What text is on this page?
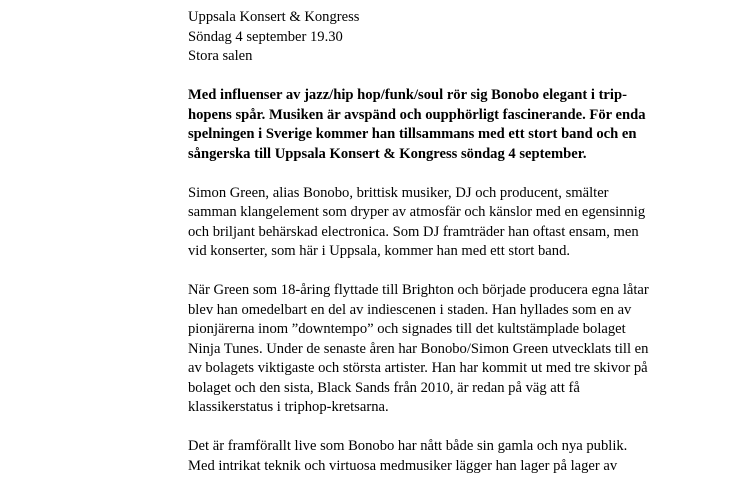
Uppsala Konsert & Kongress

Söndag 4 september 19.30

Stora salen

Med influenser av jazz/hip hop/funk/soul rör sig Bonobo elegant i trip-

hopens spår. Musiken är avspänd och oupphörligt fascinerande. För enda

spelningen i Sverige kommer han tillsammans med ett stort band och en

sångerska till Uppsala Konsert & Kongress söndag 4 september.

Simon Green, alias Bonobo, brittisk musiker, DJ och producent, smälter

samman klangelement som dryper av atmosfär och känslor med en egensinnig

och briljant behärskad electronica. Som DJ framträder han oftast ensam, men

vid konserter, som här i Uppsala, kommer han med ett stort band.

När Green som 18-åring flyttade till Brighton och började producera egna låtar

blev han omedelbart en del av indiescenen i staden. Han hyllades som en av

pionjärerna inom ”downtempo” och signades till det kultstämplade bolaget

Ninja Tunes. Under de senaste åren har Bonobo/Simon Green utvecklats till en

av bolagets viktigaste och största artister. Han har kommit ut med tre skivor på

bolaget och den sista, Black Sands från 2010, är redan på väg att få

klassikerstatus i triphop-kretsarna.

Det är framförallt live som Bonobo har nått både sin gamla och nya publik.

Med intrikat teknik och virtuosa medmusiker lägger han lager på lager av
